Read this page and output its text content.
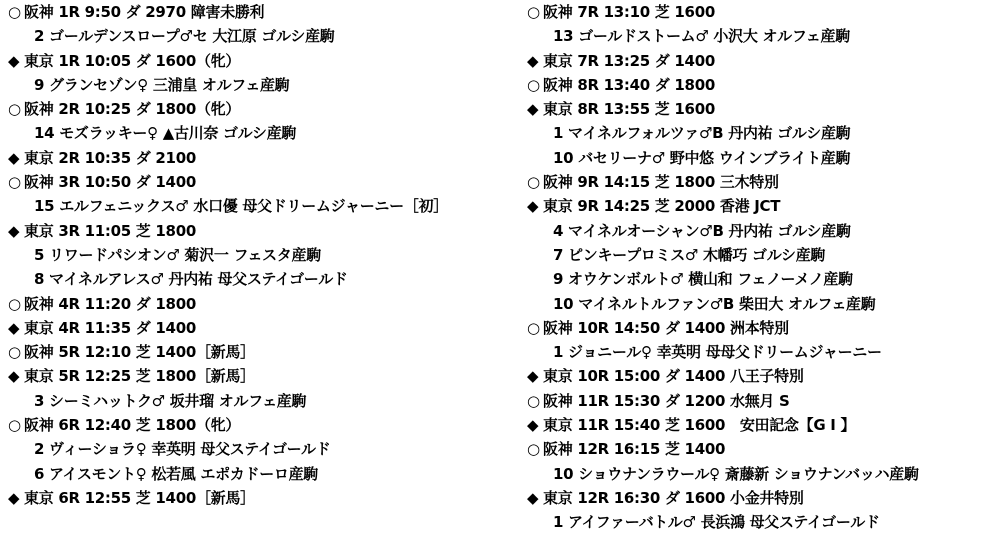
○ 阪神 1R 9:50 ダ 2970 障害未勝利
2 ゴールデンスロープ♂セ 大江原 ゴルシ産駒
◆ 東京 1R 10:05 ダ 1600（牝）
9 グランセゾン♀ 三浦皇 オルフェ産駒
○ 阪神 2R 10:25 ダ 1800（牝）
14 モズラッキー♀ ▲古川奈 ゴルシ産駒
◆ 東京 2R 10:35 ダ 2100
○ 阪神 3R 10:50 ダ 1400
15 エルフェニックス♂ 水口優 母父ドリームジャーニー［初］
◆ 東京 3R 11:05 芝 1800
5 リワードパシオン♂ 菊沢一 フェスタ産駒
8 マイネルアレス♂ 丹内祐 母父ステイゴールド
○ 阪神 4R 11:20 ダ 1800
◆ 東京 4R 11:35 ダ 1400
○ 阪神 5R 12:10 芝 1400［新馬］
◆ 東京 5R 12:25 芝 1800［新馬］
3 シーミハットク♂ 坂井瑠 オルフェ産駒
○ 阪神 6R 12:40 芝 1800（牝）
2 ヴィーショラ♀ 幸英明 母父ステイゴールド
6 アイスモント♀ 松若風 エポカドーロ産駒
◆ 東京 6R 12:55 芝 1400［新馬］
○ 阪神 7R 13:10 芝 1600
13 ゴールドストーム♂ 小沢大 オルフェ産駒
◆ 東京 7R 13:25 ダ 1400
○ 阪神 8R 13:40 ダ 1800
◆ 東京 8R 13:55 芝 1600
1 マイネルフォルツァ♂B 丹内祐 ゴルシ産駒
10 バセリーナ♂ 野中悠 ウインブライト産駒
○ 阪神 9R 14:15 芝 1800 三木特別
◆ 東京 9R 14:25 芝 2000 香港 JCT
4 マイネルオーシャン♂B 丹内祐 ゴルシ産駒
7 ピンキープロミス♂ 木幡巧 ゴルシ産駒
9 オウケンボルト♂ 横山和 フェノーメノ産駒
10 マイネルトルファン♂B 柴田大 オルフェ産駒
○ 阪神 10R 14:50 ダ 1400 洲本特別
1 ジョニール♀ 幸英明 母母父ドリームジャーニー
◆ 東京 10R 15:00 ダ 1400 八王子特別
○ 阪神 11R 15:30 ダ 1200 水無月 S
◆ 東京 11R 15:40 芝 1600　 安田記念【G I 】
○ 阪神 12R 16:15 芝 1400
10 ショウナンラウール♀ 斎藤新 ショウナンバッハ産駒
◆ 東京 12R 16:30 ダ 1600 小金井特別
1 アイファーバトル♂ 長浜鴻 母父ステイゴールド
